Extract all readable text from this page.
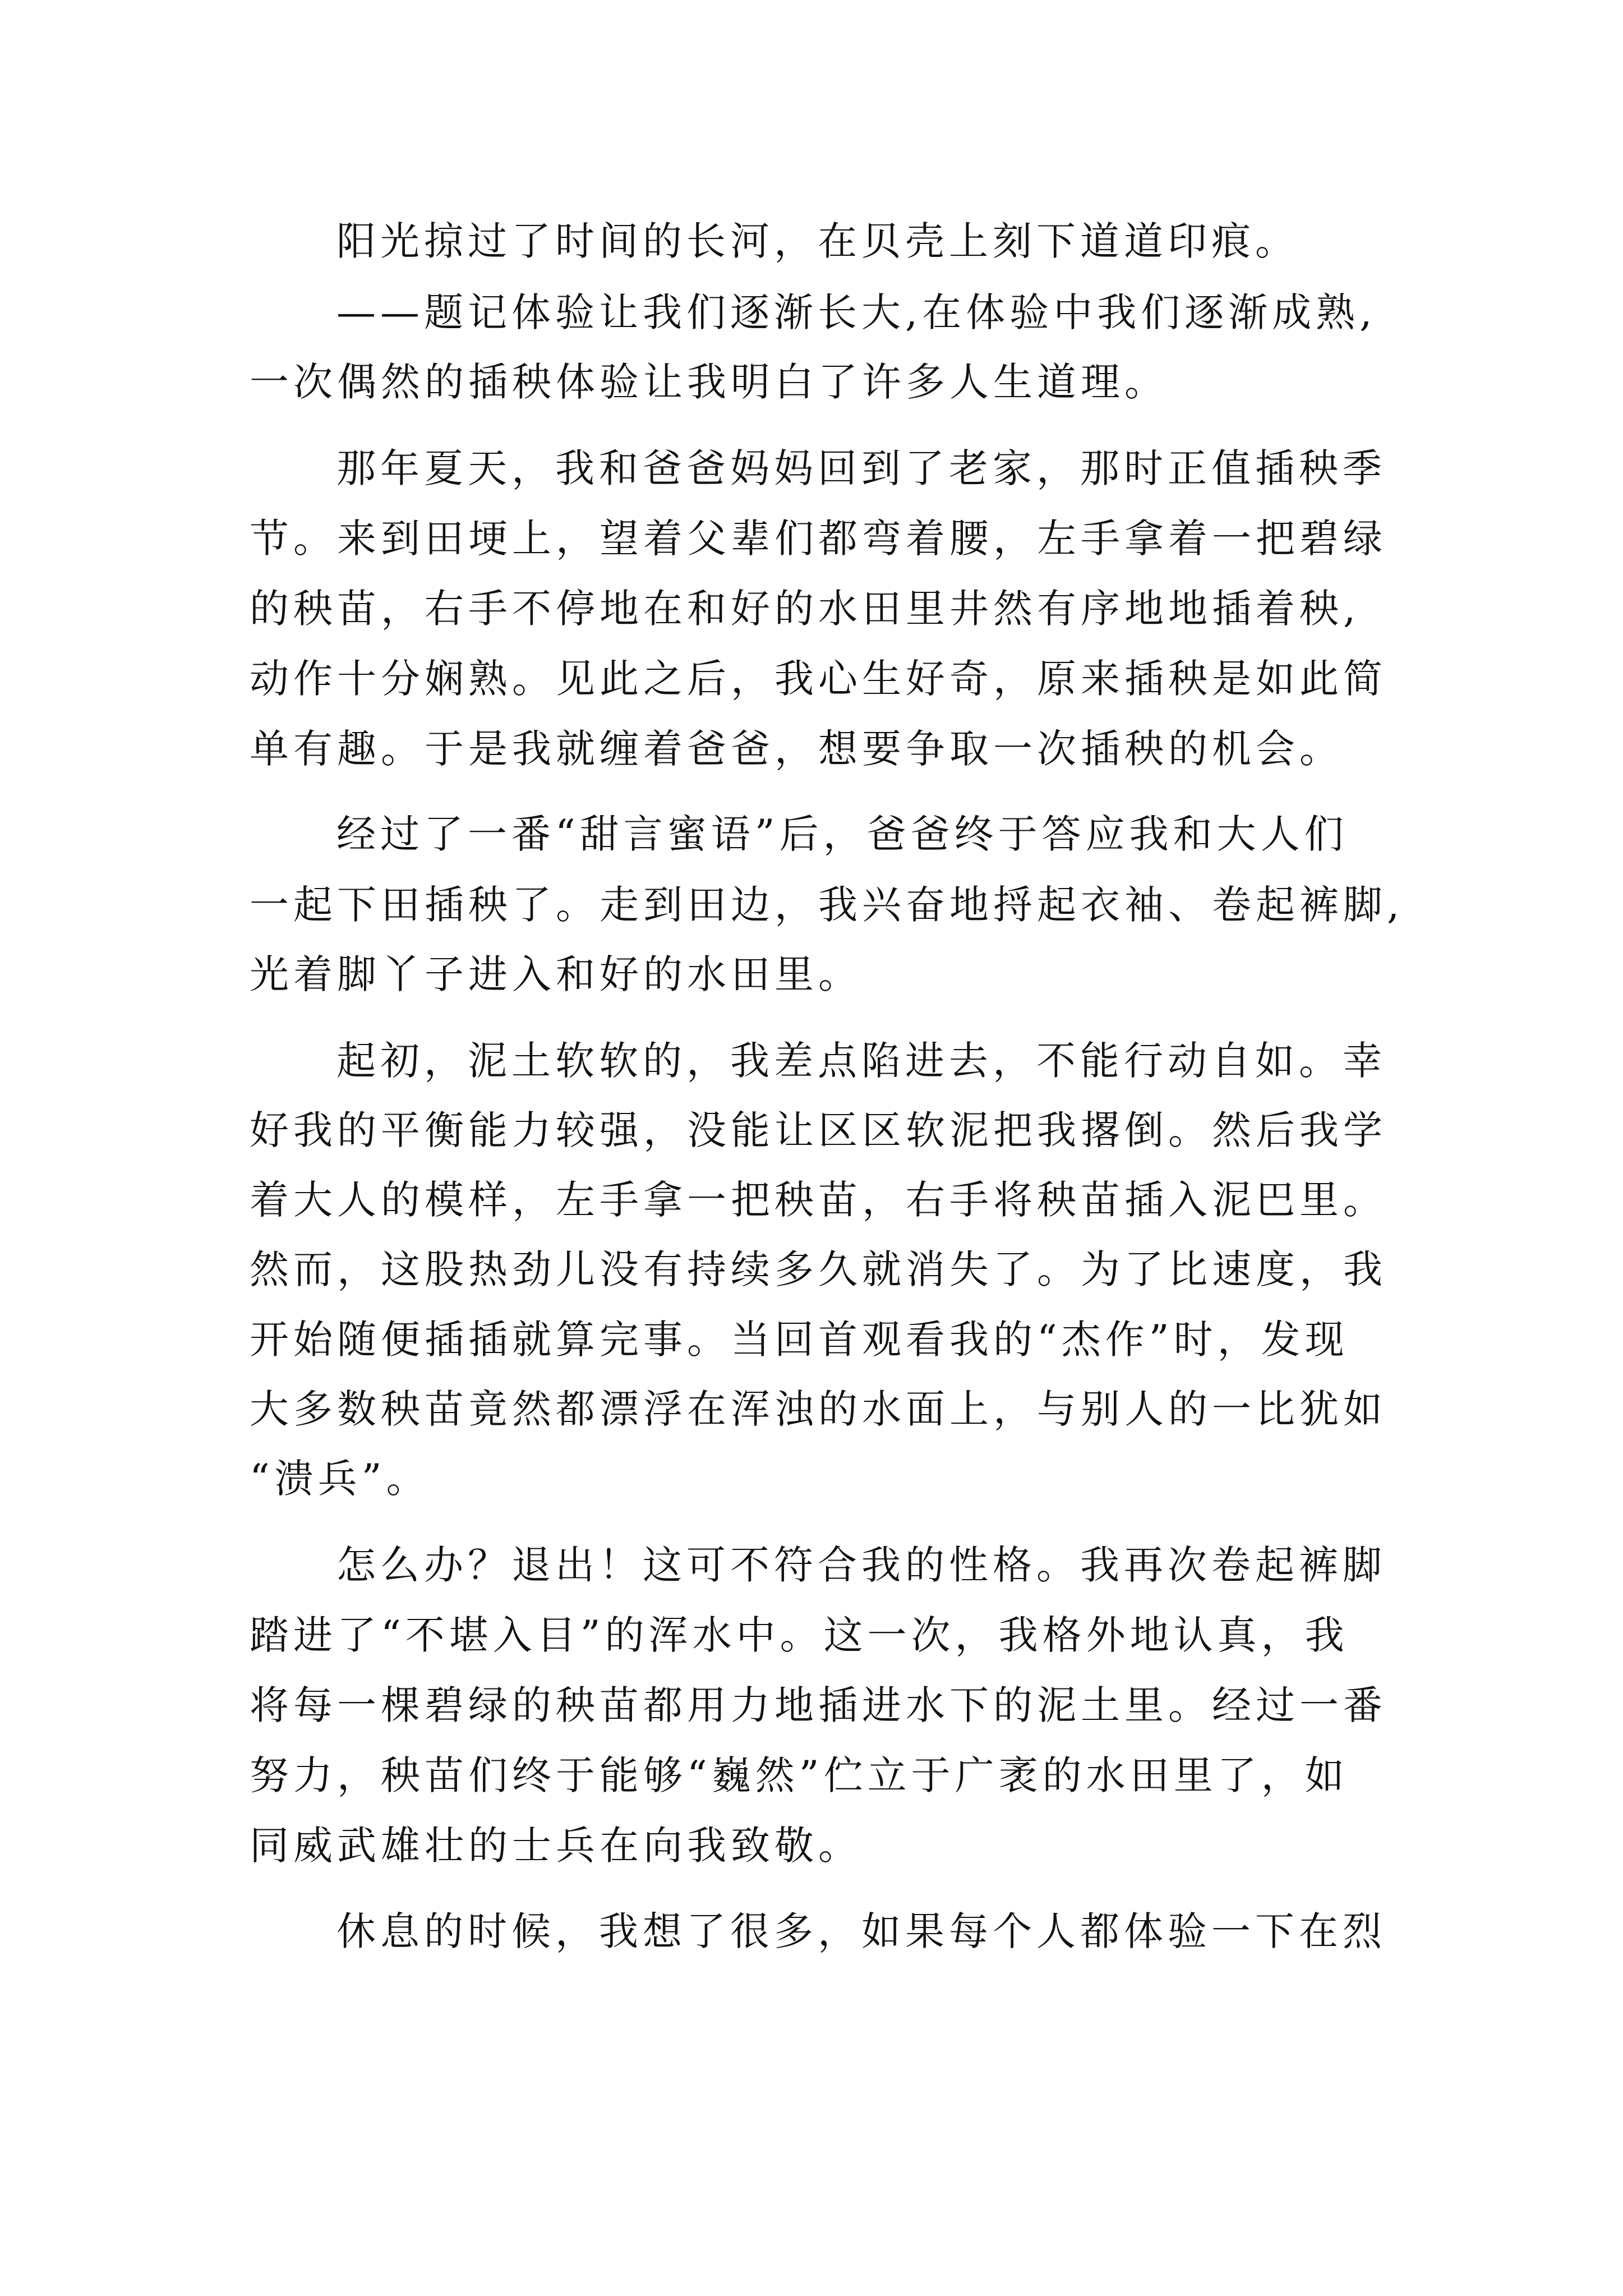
阳光掠过了时间的长河，在贝壳上刻下道道印痕。
——题记体验让我们逐渐长大,在体验中我们逐渐成熟,
一次偶然的插秧体验让我明白了许多人生道理。
那年夏天，我和爸爸妈妈回到了老家，那时正值插秧季
节。来到田埂上，望着父辈们都弯着腰，左手拿着一把碧绿
的秧苗，右手不停地在和好的水田里井然有序地地插着秧,
动作十分娴熟。见此之后，我心生好奇，原来插秧是如此简
单有趣。于是我就缠着爸爸，想要争取一次插秧的机会。
经过了一番“甜言蜜语”后，爸爸终于答应我和大人们
一起下田插秧了。走到田边，我兴奋地捋起衣袖、卷起裤脚,
光着脚丫子进入和好的水田里。
起初，泥土软软的，我差点陷进去，不能行动自如。幸
好我的平衡能力较强，没能让区区软泥把我撂倒。然后我学
着大人的模样，左手拿一把秧苗，右手将秧苗插入泥巴里。
然而，这股热劲儿没有持续多久就消失了。为了比速度，我
开始随便插插就算完事。当回首观看我的“杰作”时，发现
大多数秧苗竟然都漂浮在浑浊的水面上，与别人的一比犹如
“溃兵”。
怎么办？退出！这可不符合我的性格。我再次卷起裤脚
踏进了“不堪入目”的浑水中。这一次，我格外地认真，我
将每一棵碧绿的秧苗都用力地插进水下的泥土里。经过一番
努力，秧苗们终于能够“巍然”伫立于广袤的水田里了，如
同威武雄壮的士兵在向我致敬。
休息的时候，我想了很多，如果每个人都体验一下在烈
